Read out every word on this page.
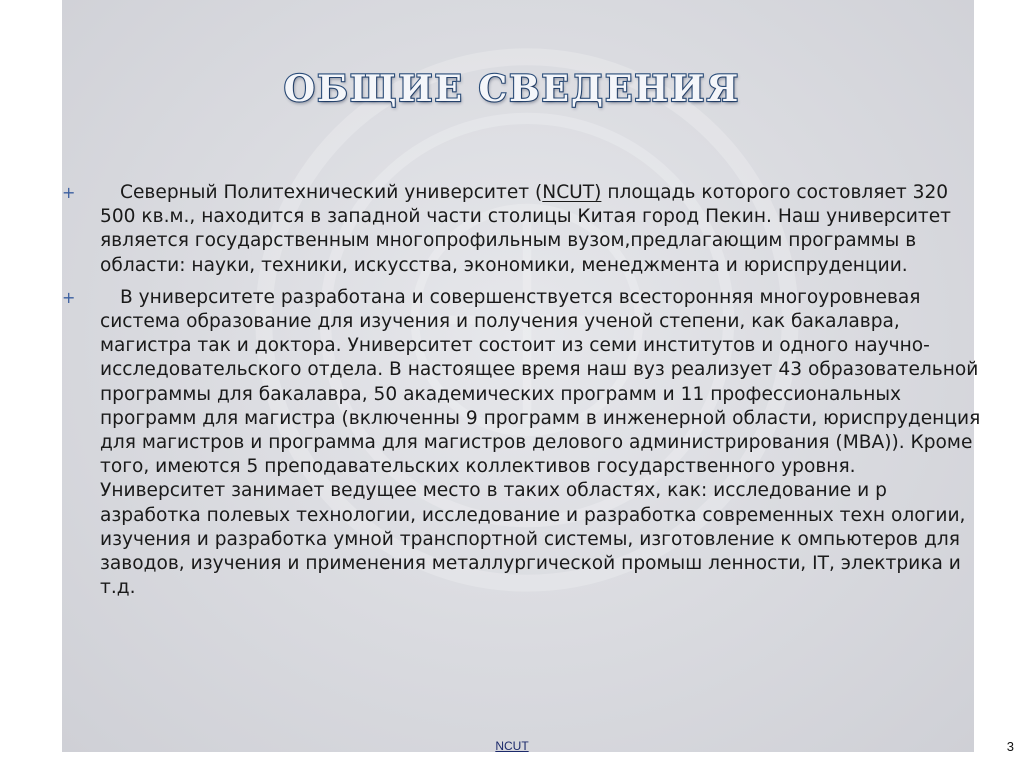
ОБЩИЕ СВЕДЕНИЯ
+ Северный Политехнический университет (NCUT) площадь которого состовляет 320 500 кв.м., находится в западной части столицы Китая город Пекин. Наш университет является государственным многопрофильным вузом,предлагающим программы в области: науки, техники, искусства, экономики, менеджмента и юриспруденции.
+ В университете разработана и совершенствуется всесторонняя многоуровневая система образование для изучения и получения ученой степени, как бакалавра, магистра так и доктора. Университет состоит из семи институтов и одного научно-исследовательского отдела. В настоящее время наш вуз реализует 43 образовательной программы для бакалавра, 50 академических программ и 11 профессиональных программ для магистра (включенны 9 программ в инженерной области, юриспруденция для магистров и программа для магистров делового администрирования (MBA)). Кроме того, имеются 5 преподавательских коллективов государственного уровня.
Университет занимает ведущее место в таких областях, как: исследование и р азработка полевых технологии, исследование и разработка современных техн ологии, изучения и разработка умной транспортной системы, изготовление к омпьютеров для заводов, изучения и применения металлургической промыш ленности, IT, электрика и т.д.
NCUT	3
